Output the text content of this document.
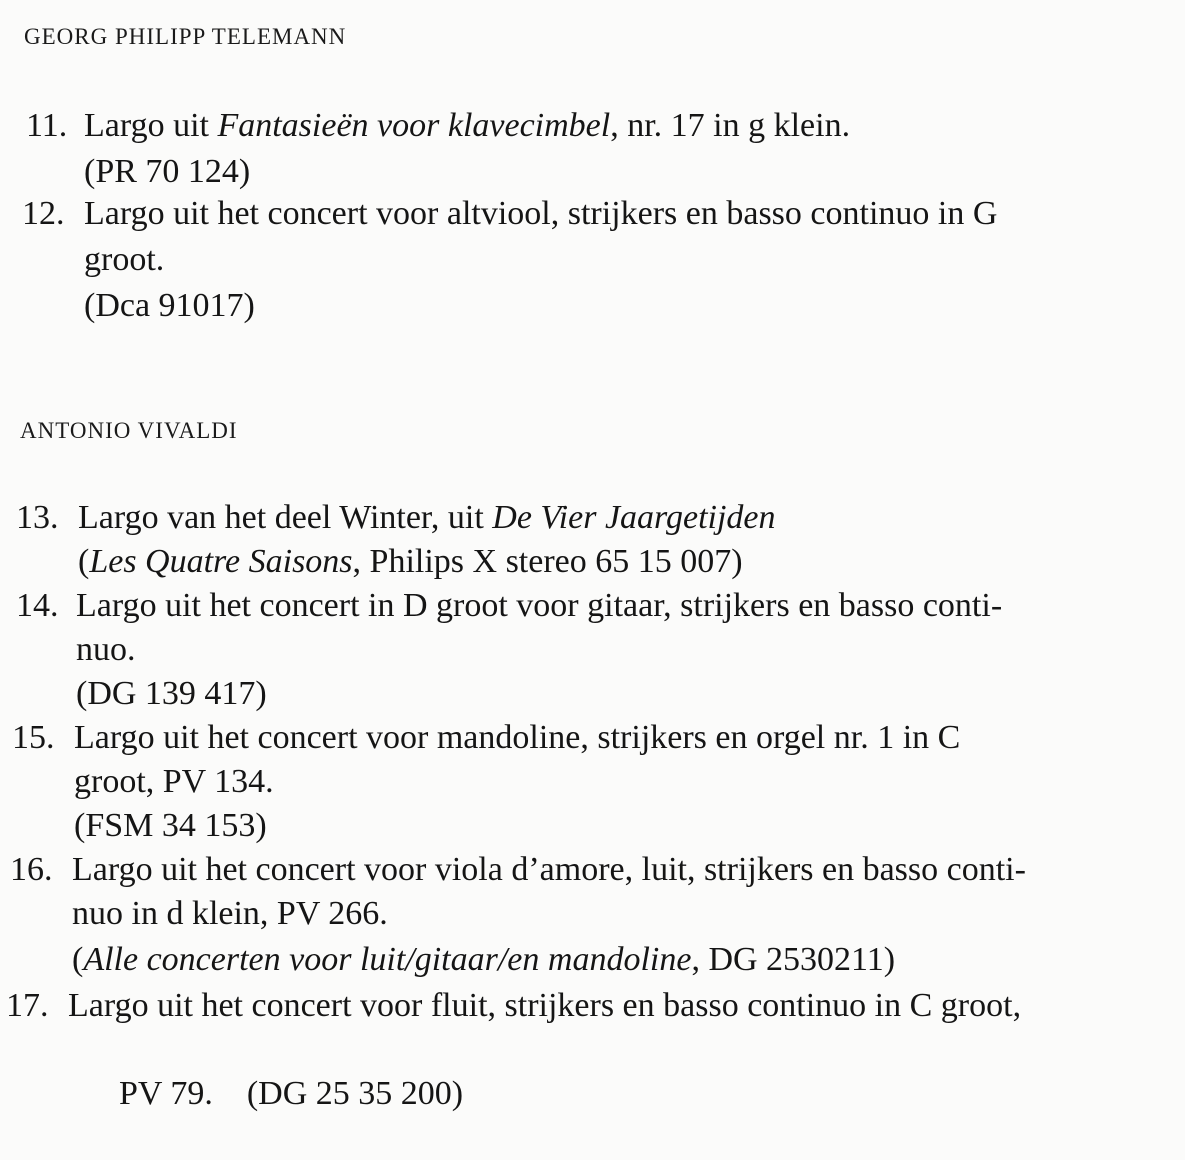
GEORG PHILIPP TELEMANN
11. Largo uit Fantasieën voor klavecimbel, nr. 17 in g klein.
(PR 70 124)
12. Largo uit het concert voor altviool, strijkers en basso continuo in G
groot.
(Dca 91017)
ANTONIO VIVALDI
13. Largo van het deel Winter, uit De Vier Jaargetijden
(Les Quatre Saisons, Philips X stereo 65 15 007)
14. Largo uit het concert in D groot voor gitaar, strijkers en basso conti-
nuo.
(DG 139 417)
15. Largo uit het concert voor mandoline, strijkers en orgel nr. 1 in C
groot, PV 134.
(FSM 34 153)
16. Largo uit het concert voor viola d’amore, luit, strijkers en basso conti-
nuo in d klein, PV 266.
(Alle concerten voor luit/gitaar/en mandoline, DG 2530211)
17. Largo uit het concert voor fluit, strijkers en basso continuo in C groot,

PV 79.    (DG 25 35 200)
